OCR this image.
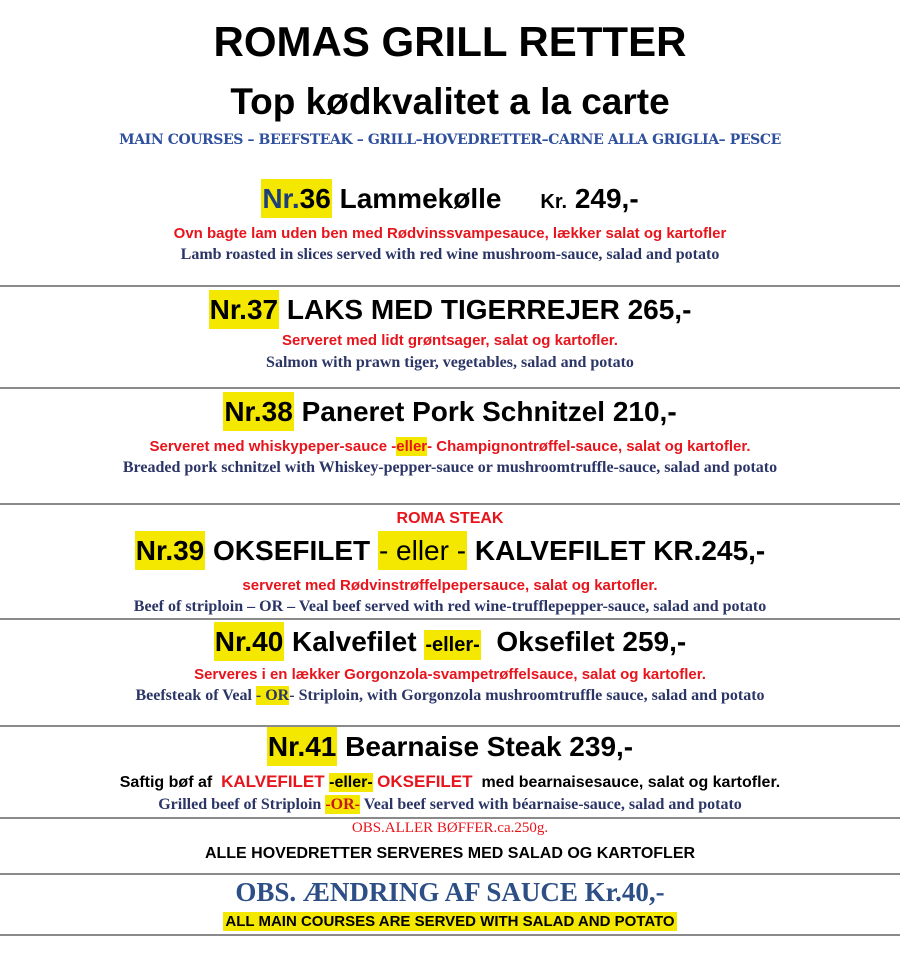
ROMAS GRILL RETTER
Top kødkvalitet a la carte
MAIN COURSES – BEEFSTEAK – GRILL–HOVEDRETTER–CARNE ALLA GRIGLIA– PESCE
Nr.36 Lammekølle Kr. 249,-
Ovn bagte lam uden ben med Rødvinssvampesauce, lækker salat og kartofler
Lamb roasted in slices served with red wine mushroom-sauce, salad and potato
Nr.37 LAKS MED TIGERREJER 265,-
Serveret med lidt grøntsager, salat og kartofler.
Salmon with prawn tiger, vegetables, salad and potato
Nr.38 Paneret Pork Schnitzel 210,-
Serveret med whiskypeper-sauce -eller- Champignontrøffel-sauce, salat og kartofler.
Breaded pork schnitzel with Whiskey-pepper-sauce or mushroomtruffle-sauce, salad and potato
ROMA STEAK
Nr.39 OKSEFILET - eller - KALVEFILET KR.245,-
serveret med Rødvinstrøffelpepersauce, salat og kartofler.
Beef of striploin – OR – Veal beef served with red wine-trufflepepper-sauce, salad and potato
Nr.40 Kalvefilet -eller- Oksefilet 259,-
Serveres i en lækker Gorgonzola-svampetrøffelsauce, salat og kartofler.
Beefsteak of Veal - OR- Striploin, with Gorgonzola mushroomtruffle sauce, salad and potato
Nr.41 Bearnaise Steak 239,-
Saftig bøf af KALVEFILET -eller- OKSEFILET med bearnaisesauce, salat og kartofler.
Grilled beef of Striploin -OR- Veal beef served with béarnaise-sauce, salad and potato
OBS.ALLER BØFFER.ca.250g.
ALLE HOVEDRETTER SERVERES MED SALAD OG KARTOFLER
OBS. ÆNDRING AF SAUCE Kr.40,-
ALL MAIN COURSES ARE SERVED WITH SALAD AND POTATO
